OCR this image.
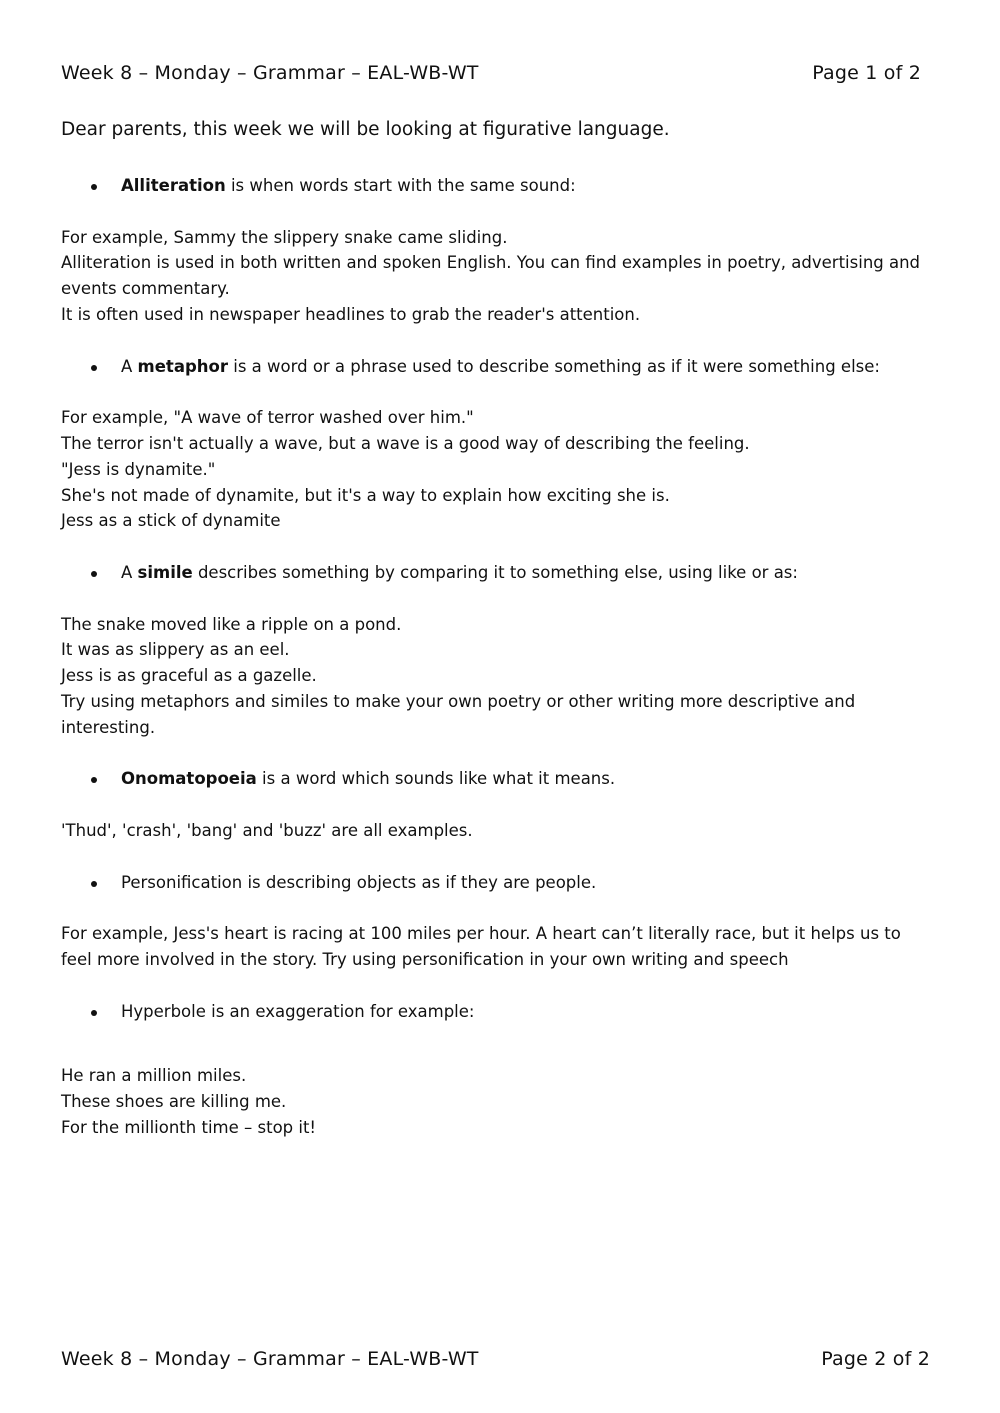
Week 8 – Monday – Grammar – EAL-WB-WT	Page 1 of 2
Dear parents, this week we will be looking at figurative language.

Alliteration is when words start with the same sound:

For example, Sammy the slippery snake came sliding.

Alliteration is used in both written and spoken English. You can find examples in poetry, advertising and events commentary.

It is often used in newspaper headlines to grab the reader's attention.

A metaphor is a word or a phrase used to describe something as if it were something else:

For example, "A wave of terror washed over him."

The terror isn't actually a wave, but a wave is a good way of describing the feeling.

"Jess is dynamite."

She's not made of dynamite, but it's a way to explain how exciting she is.

Jess as a stick of dynamite

A simile describes something by comparing it to something else, using like or as:

The snake moved like a ripple on a pond.

It was as slippery as an eel.

Jess is as graceful as a gazelle.

Try using metaphors and similes to make your own poetry or other writing more descriptive and interesting.

Onomatopoeia is a word which sounds like what it means.

'Thud', 'crash', 'bang' and 'buzz' are all examples.

Personification is describing objects as if they are people.

For example, Jess's heart is racing at 100 miles per hour. A heart can’t literally race, but it helps us to feel more involved in the story. Try using personification in your own writing and speech

Hyperbole is an exaggeration for example:

He ran a million miles.

These shoes are killing me.

For the millionth time – stop it!

Week 8 – Monday – Grammar – EAL-WB-WT	Page 2 of 2
